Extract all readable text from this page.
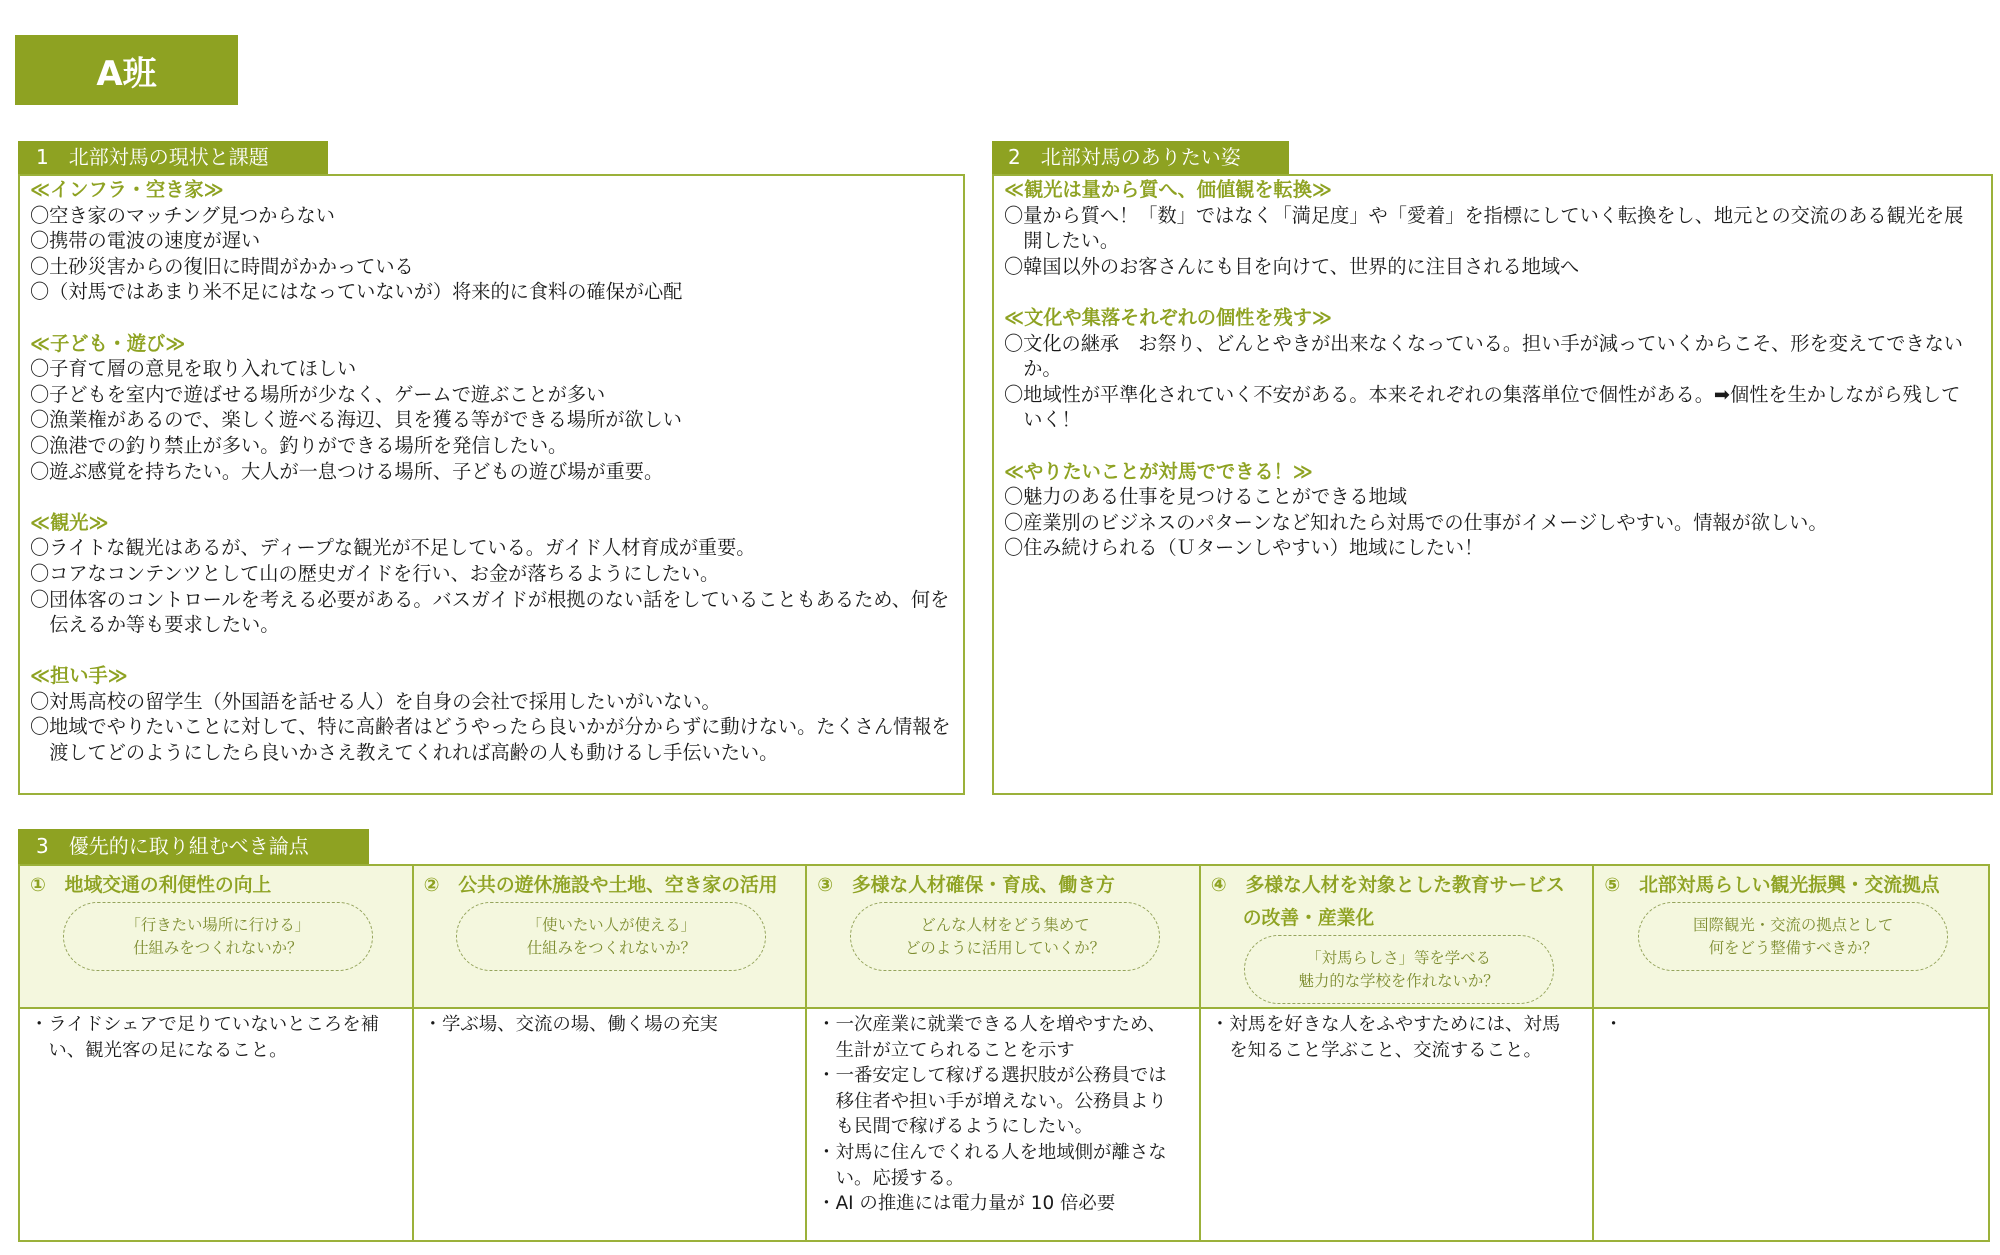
A班
1　北部対馬の現状と課題
≪インフラ・空き家≫
〇空き家のマッチング見つからない
〇携帯の電波の速度が遅い
〇土砂災害からの復旧に時間がかかっている
〇（対馬ではあまり米不足にはなっていないが）将来的に食料の確保が心配
≪子ども・遊び≫
〇子育て層の意見を取り入れてほしい
〇子どもを室内で遊ばせる場所が少なく、ゲームで遊ぶことが多い
〇漁業権があるので、楽しく遊べる海辺、貝を獲る等ができる場所が欲しい
〇漁港での釣り禁止が多い。釣りができる場所を発信したい。
〇遊ぶ感覚を持ちたい。大人が一息つける場所、子どもの遊び場が重要。
≪観光≫
〇ライトな観光はあるが、ディープな観光が不足している。ガイド人材育成が重要。
〇コアなコンテンツとして山の歴史ガイドを行い、お金が落ちるようにしたい。
〇団体客のコントロールを考える必要がある。バスガイドが根拠のない話をしていることもあるため、何を伝えるか等も要求したい。
≪担い手≫
〇対馬高校の留学生（外国語を話せる人）を自身の会社で採用したいがいない。
〇地域でやりたいことに対して、特に高齢者はどうやったら良いかが分からずに動けない。たくさん情報を渡してどのようにしたら良いかさえ教えてくれれば高齢の人も動けるし手伝いたい。
2　北部対馬のありたい姿
≪観光は量から質へ、価値観を転換≫
〇量から質へ！「数」ではなく「満足度」や「愛着」を指標にしていく転換をし、地元との交流のある観光を展開したい。
〇韓国以外のお客さんにも目を向けて、世界的に注目される地域へ
≪文化や集落それぞれの個性を残す≫
〇文化の継承　お祭り、どんとやきが出来なくなっている。担い手が減っていくからこそ、形を変えてできないか。
〇地域性が平準化されていく不安がある。本来それぞれの集落単位で個性がある。➡個性を生かしながら残していく！
≪やりたいことが対馬でできる！≫
〇魅力のある仕事を見つけることができる地域
〇産業別のビジネスのパターンなど知れたら対馬での仕事がイメージしやすい。情報が欲しい。
〇住み続けられる（Ｕターンしやすい）地域にしたい！
3　優先的に取り組むべき論点
①　地域交通の利便性の向上
「行きたい場所に行ける」
仕組みをつくれないか？
・ライドシェアで足りていないところを補い、観光客の足になること。
②　公共の遊休施設や土地、空き家の活用
「使いたい人が使える」
仕組みをつくれないか？
・学ぶ場、交流の場、働く場の充実
③　多様な人材確保・育成、働き方
どんな人材をどう集めて
どのように活用していくか？
・一次産業に就業できる人を増やすため、生計が立てられることを示す
・一番安定して稼げる選択肢が公務員では移住者や担い手が増えない。公務員よりも民間で稼げるようにしたい。
・対馬に住んでくれる人を地域側が離さない。応援する。
・AI の推進には電力量が 10 倍必要
④　多様な人材を対象とした教育サービスの改善・産業化
「対馬らしさ」等を学べる
魅力的な学校を作れないか？
・対馬を好きな人をふやすためには、対馬を知ること学ぶこと、交流すること。
⑤　北部対馬らしい観光振興・交流拠点
国際観光・交流の拠点として
何をどう整備すべきか？
・
